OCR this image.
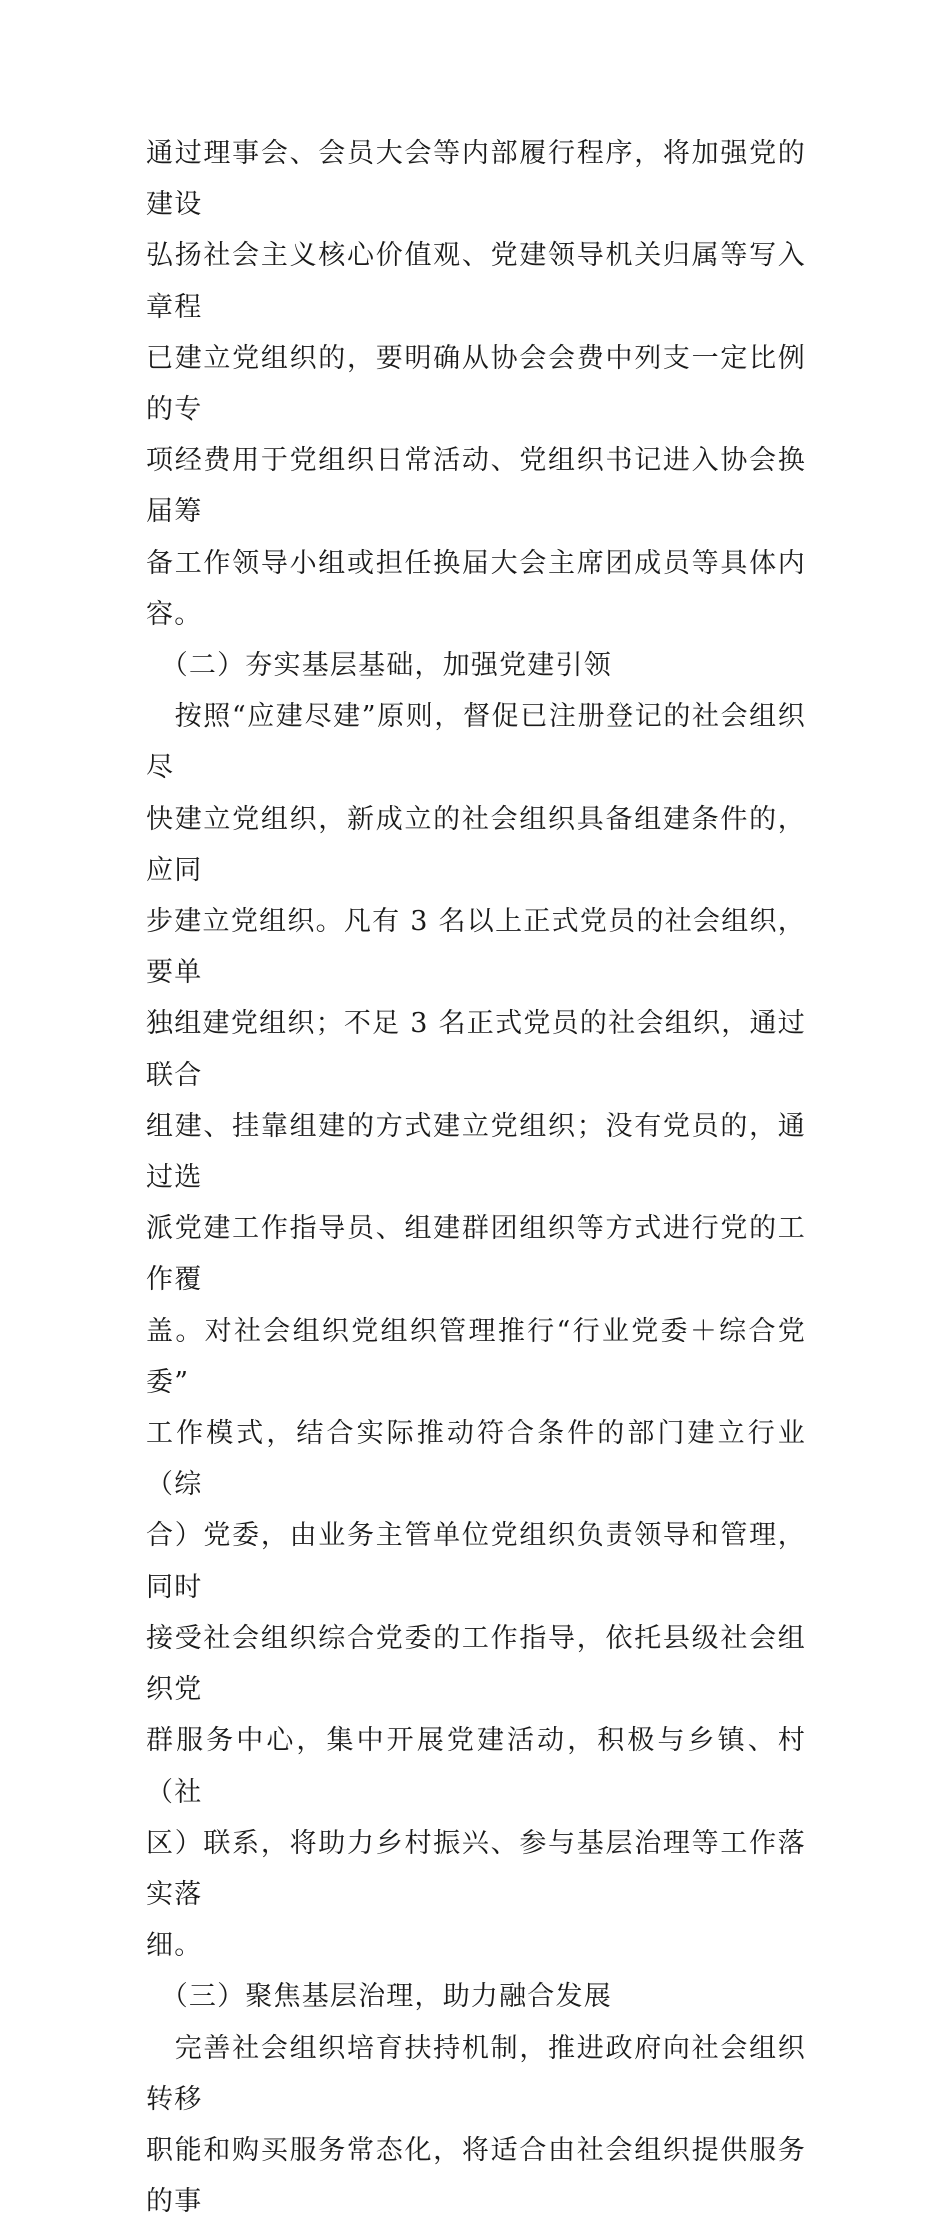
通过理事会、会员大会等内部履行程序，将加强党的建设
弘扬社会主义核心价值观、党建领导机关归属等写入章程
已建立党组织的，要明确从协会会费中列支一定比例的专
项经费用于党组织日常活动、党组织书记进入协会换届筹
备工作领导小组或担任换届大会主席团成员等具体内容。

　（二）夯实基层基础，加强党建引领

　按照“应建尽建”原则，督促已注册登记的社会组织尽
快建立党组织，新成立的社会组织具备组建条件的，应同
步建立党组织。凡有 3 名以上正式党员的社会组织，要单
独组建党组织；不足 3 名正式党员的社会组织，通过联合
组建、挂靠组建的方式建立党组织；没有党员的，通过选
派党建工作指导员、组建群团组织等方式进行党的工作覆
盖。对社会组织党组织管理推行“行业党委＋综合党委”
工作模式，结合实际推动符合条件的部门建立行业（综
合）党委，由业务主管单位党组织负责领导和管理，同时
接受社会组织综合党委的工作指导，依托县级社会组织党
群服务中心，集中开展党建活动，积极与乡镇、村（社
区）联系，将助力乡村振兴、参与基层治理等工作落实落
细。

　（三）聚焦基层治理，助力融合发展

　完善社会组织培育扶持机制，推进政府向社会组织转移
职能和购买服务常态化，将适合由社会组织提供服务的事
